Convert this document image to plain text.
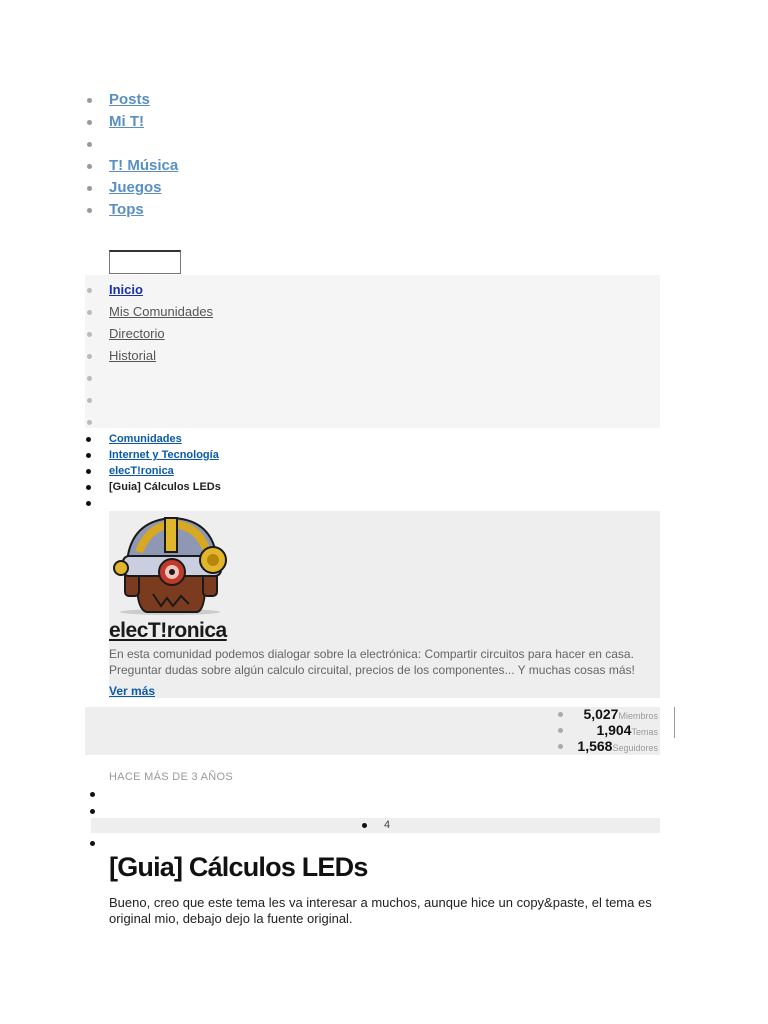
Posts
Mi T!
T! Música
Juegos
Tops
Inicio
Mis Comunidades
Directorio
Historial
Comunidades
Internet y Tecnología
elecT!ronica
[Guia] Cálculos LEDs
elecT!ronica
En esta comunidad podemos dialogar sobre la electrónica: Compartir circuitos para hacer en casa. Preguntar dudas sobre algún calculo circuital, precios de los componentes... Y muchas cosas más!
Ver más
5,027Miembros
1,904Temas
1,568Seguidores
HACE MÁS DE 3 AÑOS
4
[Guia] Cálculos LEDs
Bueno, creo que este tema les va interesar a muchos, aunque hice un copy&paste, el tema es original mio, debajo dejo la fuente original.
